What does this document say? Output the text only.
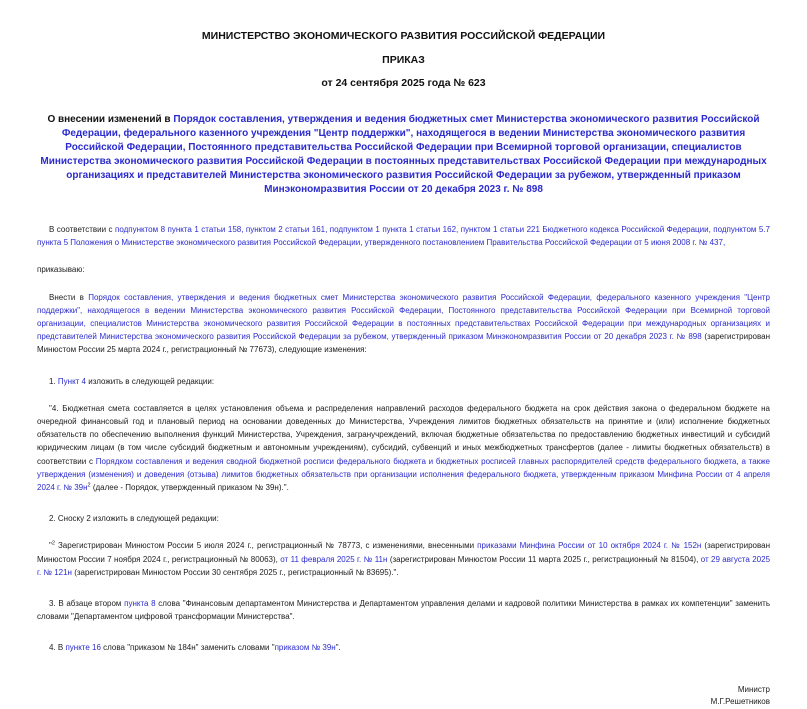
МИНИСТЕРСТВО ЭКОНОМИЧЕСКОГО РАЗВИТИЯ РОССИЙСКОЙ ФЕДЕРАЦИИ
ПРИКАЗ
от 24 сентября 2025 года № 623
О внесении изменений в Порядок составления, утверждения и ведения бюджетных смет Министерства экономического развития Российской Федерации, федерального казенного учреждения "Центр поддержки", находящегося в ведении Министерства экономического развития Российской Федерации, Постоянного представительства Российской Федерации при Всемирной торговой организации, специалистов Министерства экономического развития Российской Федерации в постоянных представительствах Российской Федерации при международных организациях и представителей Министерства экономического развития Российской Федерации за рубежом, утвержденный приказом Минэкономразвития России от 20 декабря 2023 г. № 898
В соответствии с подпунктом 8 пункта 1 статьи 158, пунктом 2 статьи 161, подпунктом 1 пункта 1 статьи 162, пунктом 1 статьи 221 Бюджетного кодекса Российской Федерации, подпунктом 5.7 пункта 5 Положения о Министерстве экономического развития Российской Федерации, утвержденного постановлением Правительства Российской Федерации от 5 июня 2008 г. № 437,
приказываю:
Внести в Порядок составления, утверждения и ведения бюджетных смет Министерства экономического развития Российской Федерации, федерального казенного учреждения "Центр поддержки", находящегося в ведении Министерства экономического развития Российской Федерации, Постоянного представительства Российской Федерации при Всемирной торговой организации, специалистов Министерства экономического развития Российской Федерации в постоянных представительствах Российской Федерации при международных организациях и представителей Министерства экономического развития Российской Федерации за рубежом, утвержденный приказом Минэкономразвития России от 20 декабря 2023 г. № 898 (зарегистрирован Минюстом России 25 марта 2024 г., регистрационный № 77673), следующие изменения:
1. Пункт 4 изложить в следующей редакции:
"4. Бюджетная смета составляется в целях установления объема и распределения направлений расходов федерального бюджета на срок действия закона о федеральном бюджете на очередной финансовый год и плановый период на основании доведенных до Министерства, Учреждения лимитов бюджетных обязательств на принятие и (или) исполнение бюджетных обязательств по обеспечению выполнения функций Министерства, Учреждения, загранучреждений, включая бюджетные обязательства по предоставлению бюджетных инвестиций и субсидий юридическим лицам (в том числе субсидий бюджетным и автономным учреждениям), субсидий, субвенций и иных межбюджетных трансфертов (далее - лимиты бюджетных обязательств) в соответствии с Порядком составления и ведения сводной бюджетной росписи федерального бюджета и бюджетных росписей главных распорядителей средств федерального бюджета, а также утверждения (изменения) и доведения (отзыва) лимитов бюджетных обязательств при организации исполнения федерального бюджета, утвержденным приказом Минфина России от 4 апреля 2024 г. № $39н^2$ (далее - Порядок, утвержденный приказом № 39н).".
2. Сноску 2 изложить в следующей редакции:
"$^2$ Зарегистрирован Минюстом России 5 июля 2024 г., регистрационный № 78773, с изменениями, внесенными приказами Минфина России от 10 октября 2024 г. № 152н (зарегистрирован Минюстом России 7 ноября 2024 г., регистрационный № 80063), от 11 февраля 2025 г. № 11н (зарегистрирован Минюстом России 11 марта 2025 г., регистрационный № 81504), от 29 августа 2025 г. № 121н (зарегистрирован Минюстом России 30 сентября 2025 г., регистрационный № 83695).".
3. В абзаце втором пункта 8 слова "Финансовым департаментом Министерства и Департаментом управления делами и кадровой политики Министерства в рамках их компетенции" заменить словами "Департаментом цифровой трансформации Министерства".
4. В пункте 16 слова "приказом № 184н" заменить словами "приказом № 39н".
Министр
М.Г.Решетников
